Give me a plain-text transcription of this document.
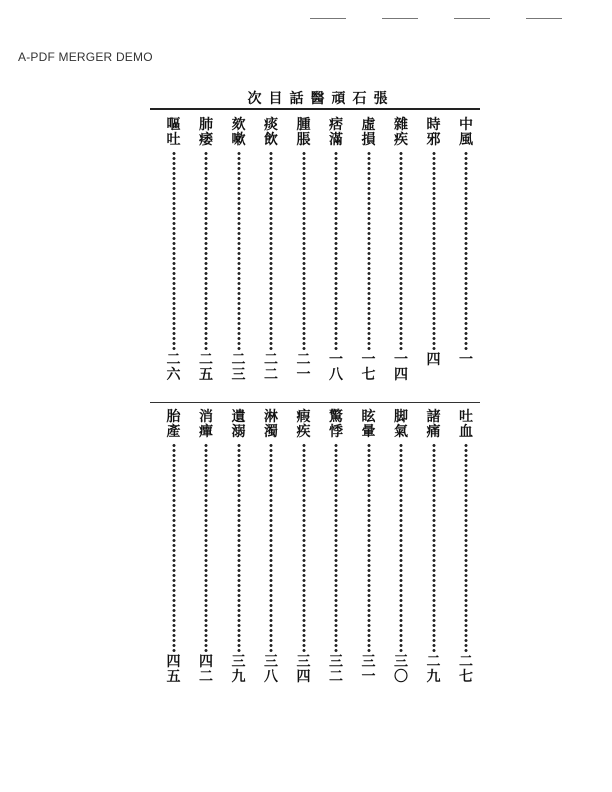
A-PDF MERGER DEMO
張石頑醫話目次
中
風
一
時
邪
四
雜
疾
一
四
虛
損
一
七
痞
滿
一
八
腫
脹
二
一
痰
飲
二
二
欬
嗽
二
三
肺
痿
二
五
嘔
吐
二
六
吐
血
二
七
諸
痛
二
九
脚
氣
三
〇
眩
暈
三
一
驚
悸
三
二
瘕
疾
三
四
淋
濁
三
八
遺
溺
三
九
消
癉
四
二
胎
產
四
五
